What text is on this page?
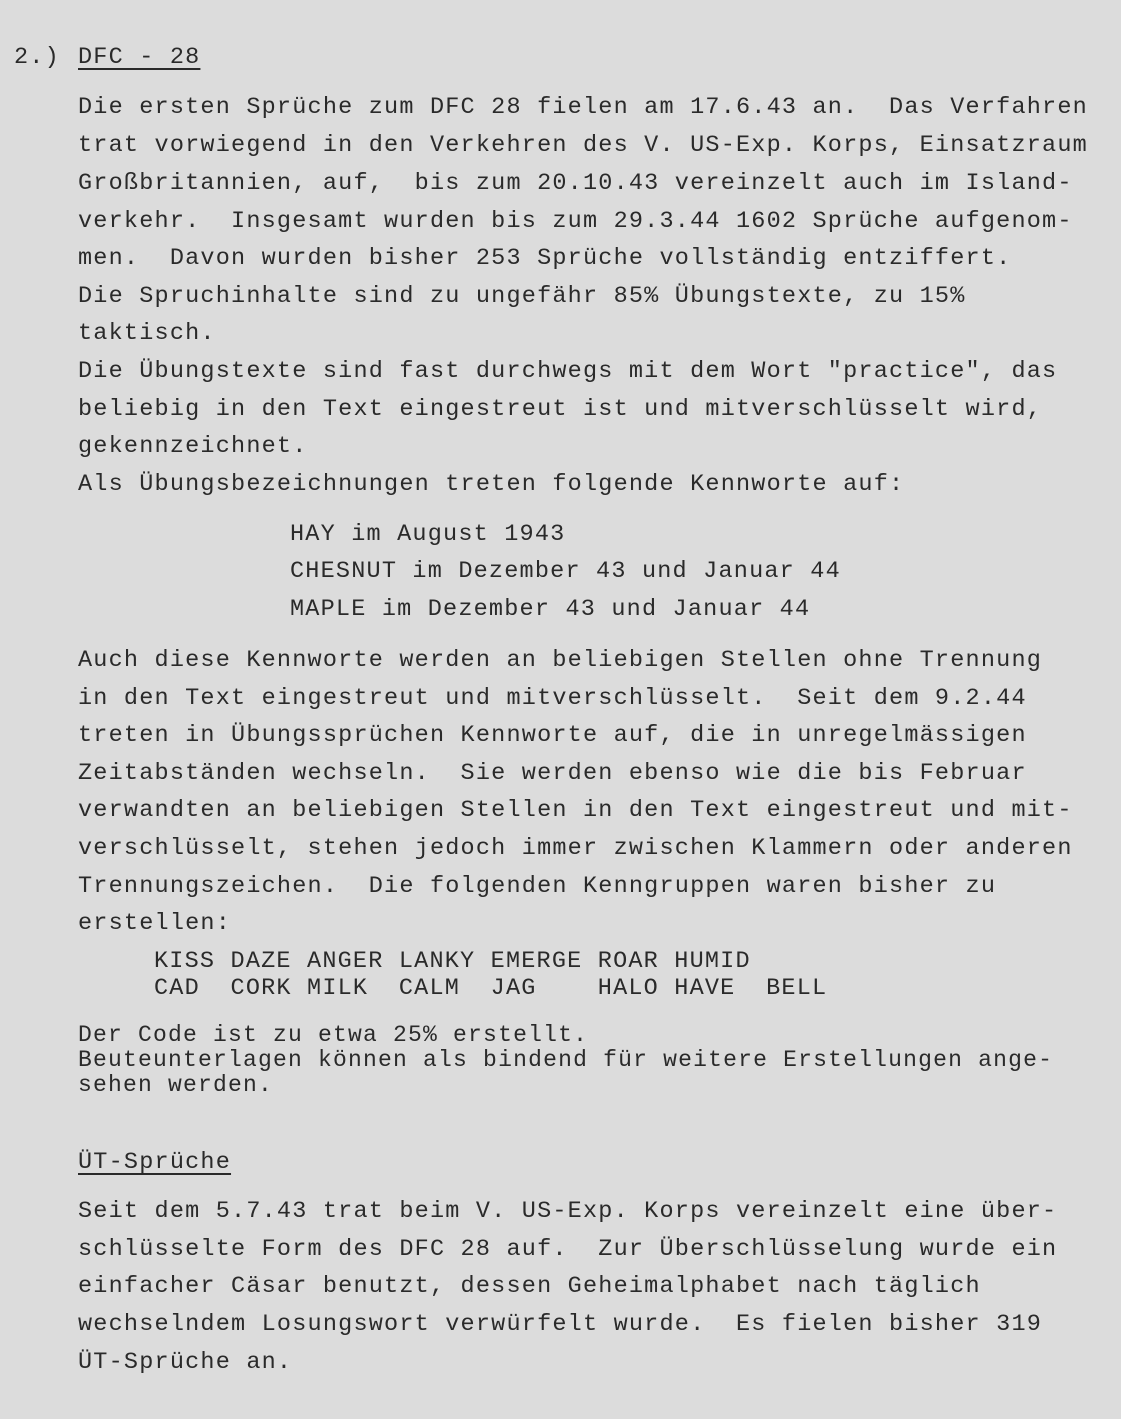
2.) DFC - 28
Die ersten Sprüche zum DFC 28 fielen am 17.6.43 an.  Das Verfahren
trat vorwiegend in den Verkehren des V. US-Exp. Korps, Einsatzraum
Großbritannien, auf,  bis zum 20.10.43 vereinzelt auch im Island-
verkehr.  Insgesamt wurden bis zum 29.3.44 1602 Sprüche aufgenom-
men.  Davon wurden bisher 253 Sprüche vollständig entziffert.
Die Spruchinhalte sind zu ungefähr 85% Übungstexte, zu 15%
taktisch.
Die Übungstexte sind fast durchwegs mit dem Wort "practice", das
beliebig in den Text eingestreut ist und mitverschlüsselt wird,
gekennzeichnet.
Als Übungsbezeichnungen treten folgende Kennworte auf:
HAY im August 1943
CHESNUT im Dezember 43 und Januar 44
MAPLE im Dezember 43 und Januar 44
Auch diese Kennworte werden an beliebigen Stellen ohne Trennung
in den Text eingestreut und mitverschlüsselt.  Seit dem 9.2.44
treten in Übungssprüchen Kennworte auf, die in unregelmässigen
Zeitabständen wechseln.  Sie werden ebenso wie die bis Februar
verwandten an beliebigen Stellen in den Text eingestreut und mit-
verschlüsselt, stehen jedoch immer zwischen Klammern oder anderen
Trennungszeichen.  Die folgenden Kenngruppen waren bisher zu
erstellen:
KISS DAZE ANGER LANKY EMERGE ROAR HUMID
CAD  CORK MILK  CALM  JAG    HALO HAVE  BELL
Der Code ist zu etwa 25% erstellt.
Beuteunterlagen können als bindend für weitere Erstellungen ange-
sehen werden.
ÜT-Sprüche
Seit dem 5.7.43 trat beim V. US-Exp. Korps vereinzelt eine über-
schlüsselte Form des DFC 28 auf.  Zur Überschlüsselung wurde ein
einfacher Cäsar benutzt, dessen Geheimalphabet nach täglich
wechselndem Losungswort verwürfelt wurde.  Es fielen bisher 319
ÜT-Sprüche an.
